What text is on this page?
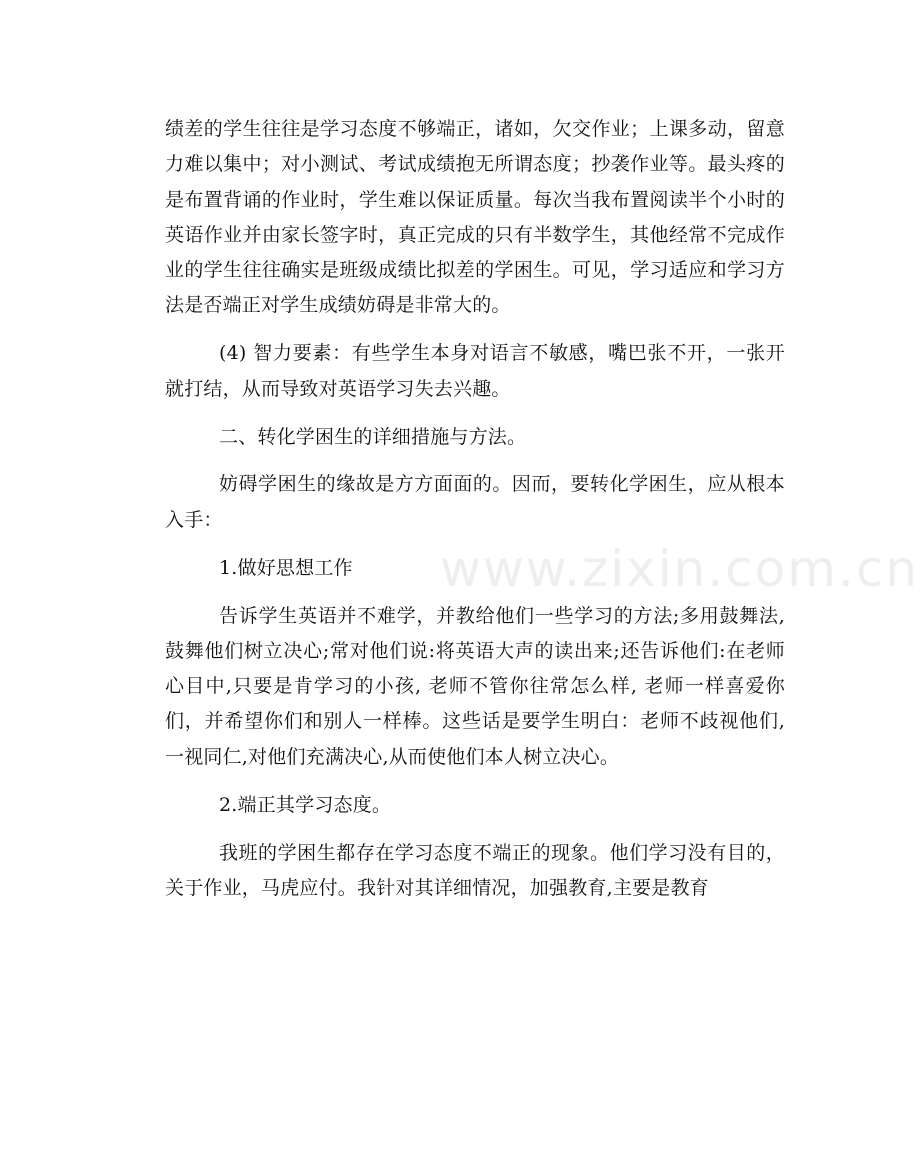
www.zixin.com.cn

绩差的学生往往是学习态度不够端正，诸如，欠交作业；上课多动，留意力难以集中；对小测试、考试成绩抱无所谓态度；抄袭作业等。最头疼的是布置背诵的作业时，学生难以保证质量。每次当我布置阅读半个小时的英语作业并由家长签字时，真正完成的只有半数学生，其他经常不完成作业的学生往往确实是班级成绩比拟差的学困生。可见，学习适应和学习方法是否端正对学生成绩妨碍是非常大的。

(4) 智力要素：有些学生本身对语言不敏感，嘴巴张不开，一张开就打结，从而导致对英语学习失去兴趣。

二、转化学困生的详细措施与方法。

妨碍学困生的缘故是方方面面的。因而，要转化学困生，应从根本入手：

1.做好思想工作

告诉学生英语并不难学，并教给他们一些学习的方法;多用鼓舞法,鼓舞他们树立决心;常对他们说:将英语大声的读出来;还告诉他们:在老师心目中,只要是肯学习的小孩, 老师不管你往常怎么样, 老师一样喜爱你们，并希望你们和别人一样棒。这些话是要学生明白：老师不歧视他们,一视同仁,对他们充满决心,从而使他们本人树立决心。

2.端正其学习态度。

我班的学困生都存在学习态度不端正的现象。他们学习没有目的，关于作业，马虎应付。我针对其详细情况，加强教育,主要是教育
